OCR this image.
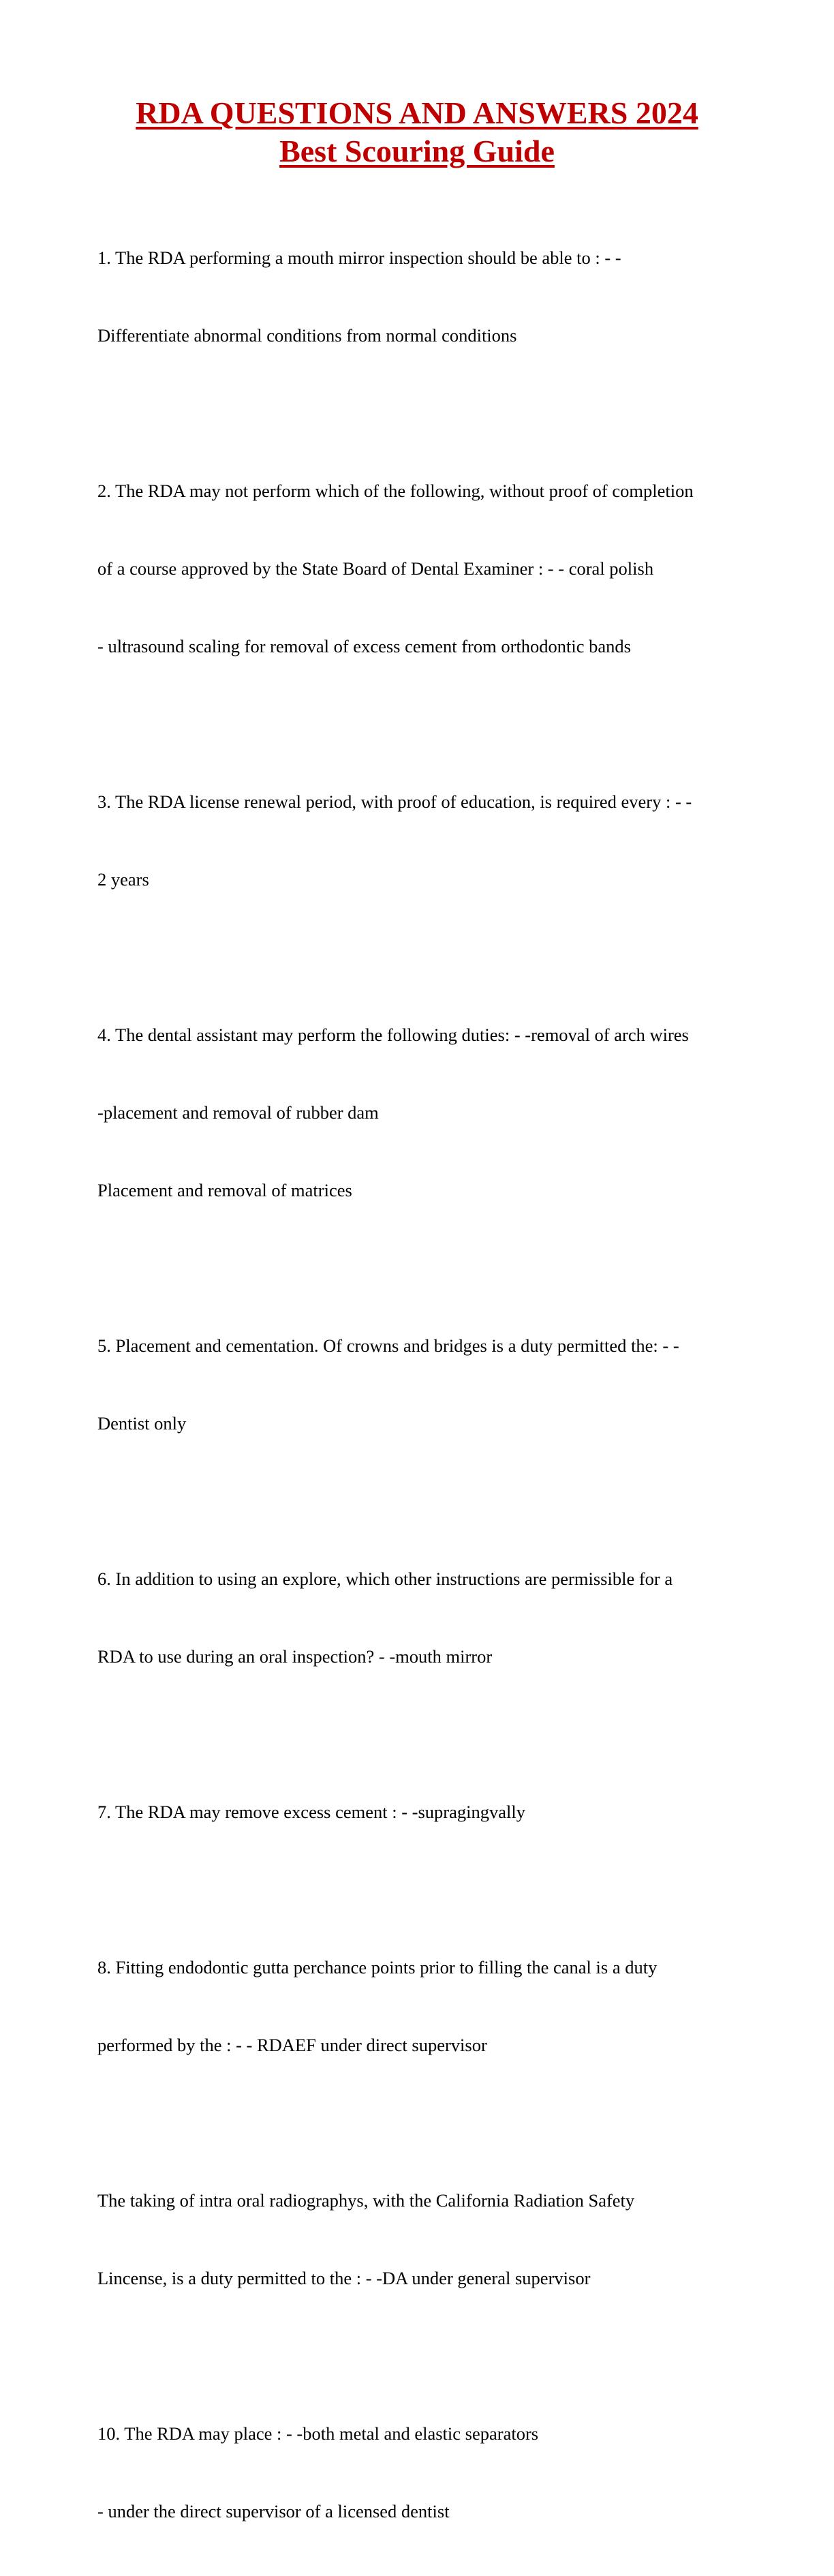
RDA QUESTIONS AND ANSWERS 2024
Best Scouring Guide

1. The RDA performing a mouth mirror inspection should be able to : - -

Differentiate abnormal conditions from normal conditions

2. The RDA may not perform which of the following, without proof of completion

of a course approved by the State Board of Dental Examiner : - - coral polish

- ultrasound scaling for removal of excess cement from orthodontic bands

3. The RDA license renewal period, with proof of education, is required every : - -

2 years

4. The dental assistant may perform the following duties: - -removal of arch wires

-placement and removal of rubber dam

Placement and removal of matrices

5. Placement and cementation. Of crowns and bridges is a duty permitted the: - -

Dentist only

6. In addition to using an explore, which other instructions are permissible for a

RDA to use during an oral inspection? - -mouth mirror

7. The RDA may remove excess cement : - -supragingvally

8. Fitting endodontic gutta perchance points prior to filling the canal is a duty

performed by the : - - RDAEF under direct supervisor

The taking of intra oral radiographys, with the California Radiation Safety

Lincense, is a duty permitted to the : - -DA under general supervisor

10. The RDA may place : - -both metal and elastic separators

- under the direct supervisor of a licensed dentist
